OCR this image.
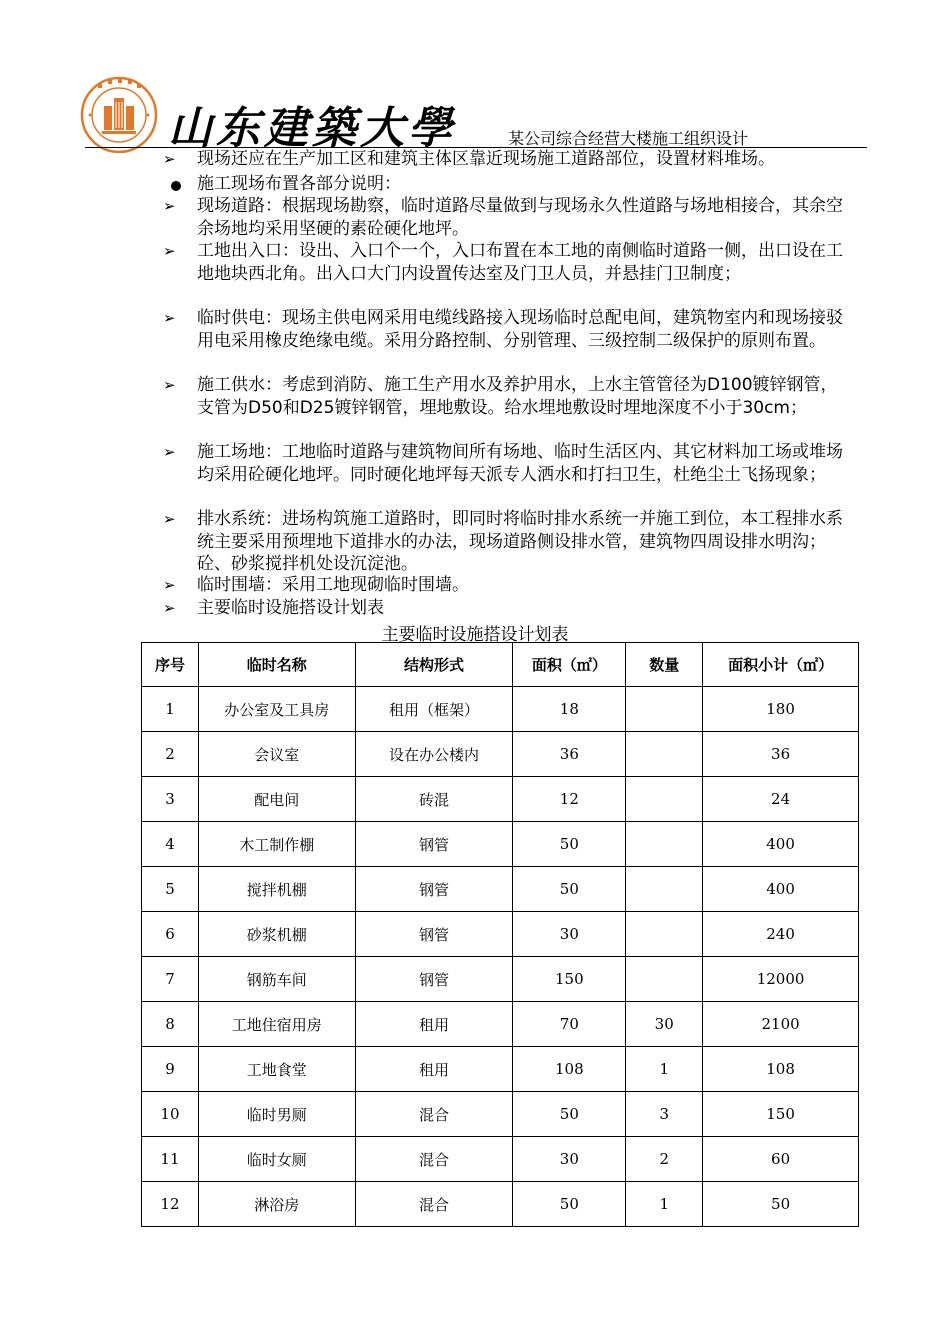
山东建築大學	某公司综合经营大楼施工组织设计
➢	现场还应在生产加工区和建筑主体区靠近现场施工道路部位，设置材料堆场。
施工现场布置各部分说明：
➢	现场道路：根据现场勘察，临时道路尽量做到与现场永久性道路与场地相接合，其余空余场地均采用坚硬的素砼硬化地坪。
➢	工地出入口：设出、入口个一个，入口布置在本工地的南侧临时道路一侧，出口设在工地地块西北角。出入口大门内设置传达室及门卫人员，并悬挂门卫制度；
➢	临时供电：现场主供电网采用电缆线路接入现场临时总配电间，建筑物室内和现场接驳用电采用橡皮绝缘电缆。采用分路控制、分别管理、三级控制二级保护的原则布置。
➢	施工供水：考虑到消防、施工生产用水及养护用水，上水主管管径为D100镀锌钢管，支管为D50和D25镀锌钢管，埋地敷设。给水埋地敷设时埋地深度不小于30cm；
➢	施工场地：工地临时道路与建筑物间所有场地、临时生活区内、其它材料加工场或堆场均采用砼硬化地坪。同时硬化地坪每天派专人洒水和打扫卫生，杜绝尘土飞扬现象；
➢	排水系统：进场构筑施工道路时，即同时将临时排水系统一并施工到位，本工程排水系统主要采用预埋地下道排水的办法，现场道路侧设排水管，建筑物四周设排水明沟；砼、砂浆搅拌机处设沉淀池。
➢	临时围墙：采用工地现砌临时围墙。
➢	主要临时设施搭设计划表
主要临时设施搭设计划表
序号	临时名称	结构形式	面积（㎡）	数量	面积小计（㎡）
1	办公室及工具房	租用（框架）	18		180
2	会议室	设在办公楼内	36		36
3	配电间	砖混	12		24
4	木工制作棚	钢管	50		400
5	搅拌机棚	钢管	50		400
6	砂浆机棚	钢管	30		240
7	钢筋车间	钢管	150		12000
8	工地住宿用房	租用	70	30	2100
9	工地食堂	租用	108	1	108
10	临时男厕	混合	50	3	150
11	临时女厕	混合	30	2	60
12	淋浴房	混合	50	1	50
